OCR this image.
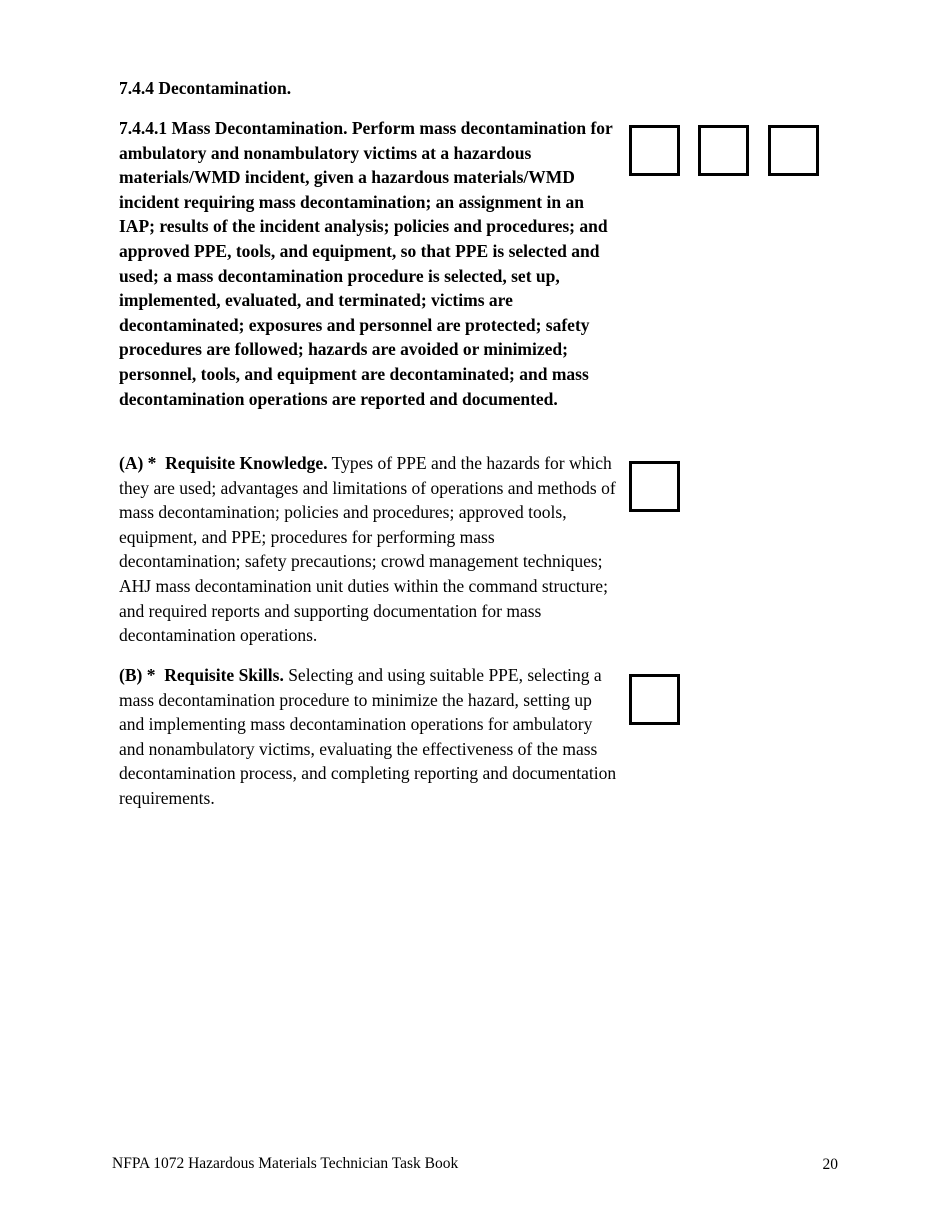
7.4.4 Decontamination.

7.4.4.1 Mass Decontamination. Perform mass decontamination for ambulatory and nonambulatory victims at a hazardous materials/WMD incident, given a hazardous materials/WMD incident requiring mass decontamination; an assignment in an IAP; results of the incident analysis; policies and procedures; and approved PPE, tools, and equipment, so that PPE is selected and used; a mass decontamination procedure is selected, set up, implemented, evaluated, and terminated; victims are decontaminated; exposures and personnel are protected; safety procedures are followed; hazards are avoided or minimized; personnel, tools, and equipment are decontaminated; and mass decontamination operations are reported and documented.

(A) * Requisite Knowledge. Types of PPE and the hazards for which they are used; advantages and limitations of operations and methods of mass decontamination; policies and procedures; approved tools, equipment, and PPE; procedures for performing mass decontamination; safety precautions; crowd management techniques; AHJ mass decontamination unit duties within the command structure; and required reports and supporting documentation for mass decontamination operations.

(B) * Requisite Skills. Selecting and using suitable PPE, selecting a mass decontamination procedure to minimize the hazard, setting up and implementing mass decontamination operations for ambulatory and nonambulatory victims, evaluating the effectiveness of the mass decontamination process, and completing reporting and documentation requirements.

NFPA 1072 Hazardous Materials Technician Task Book	20
